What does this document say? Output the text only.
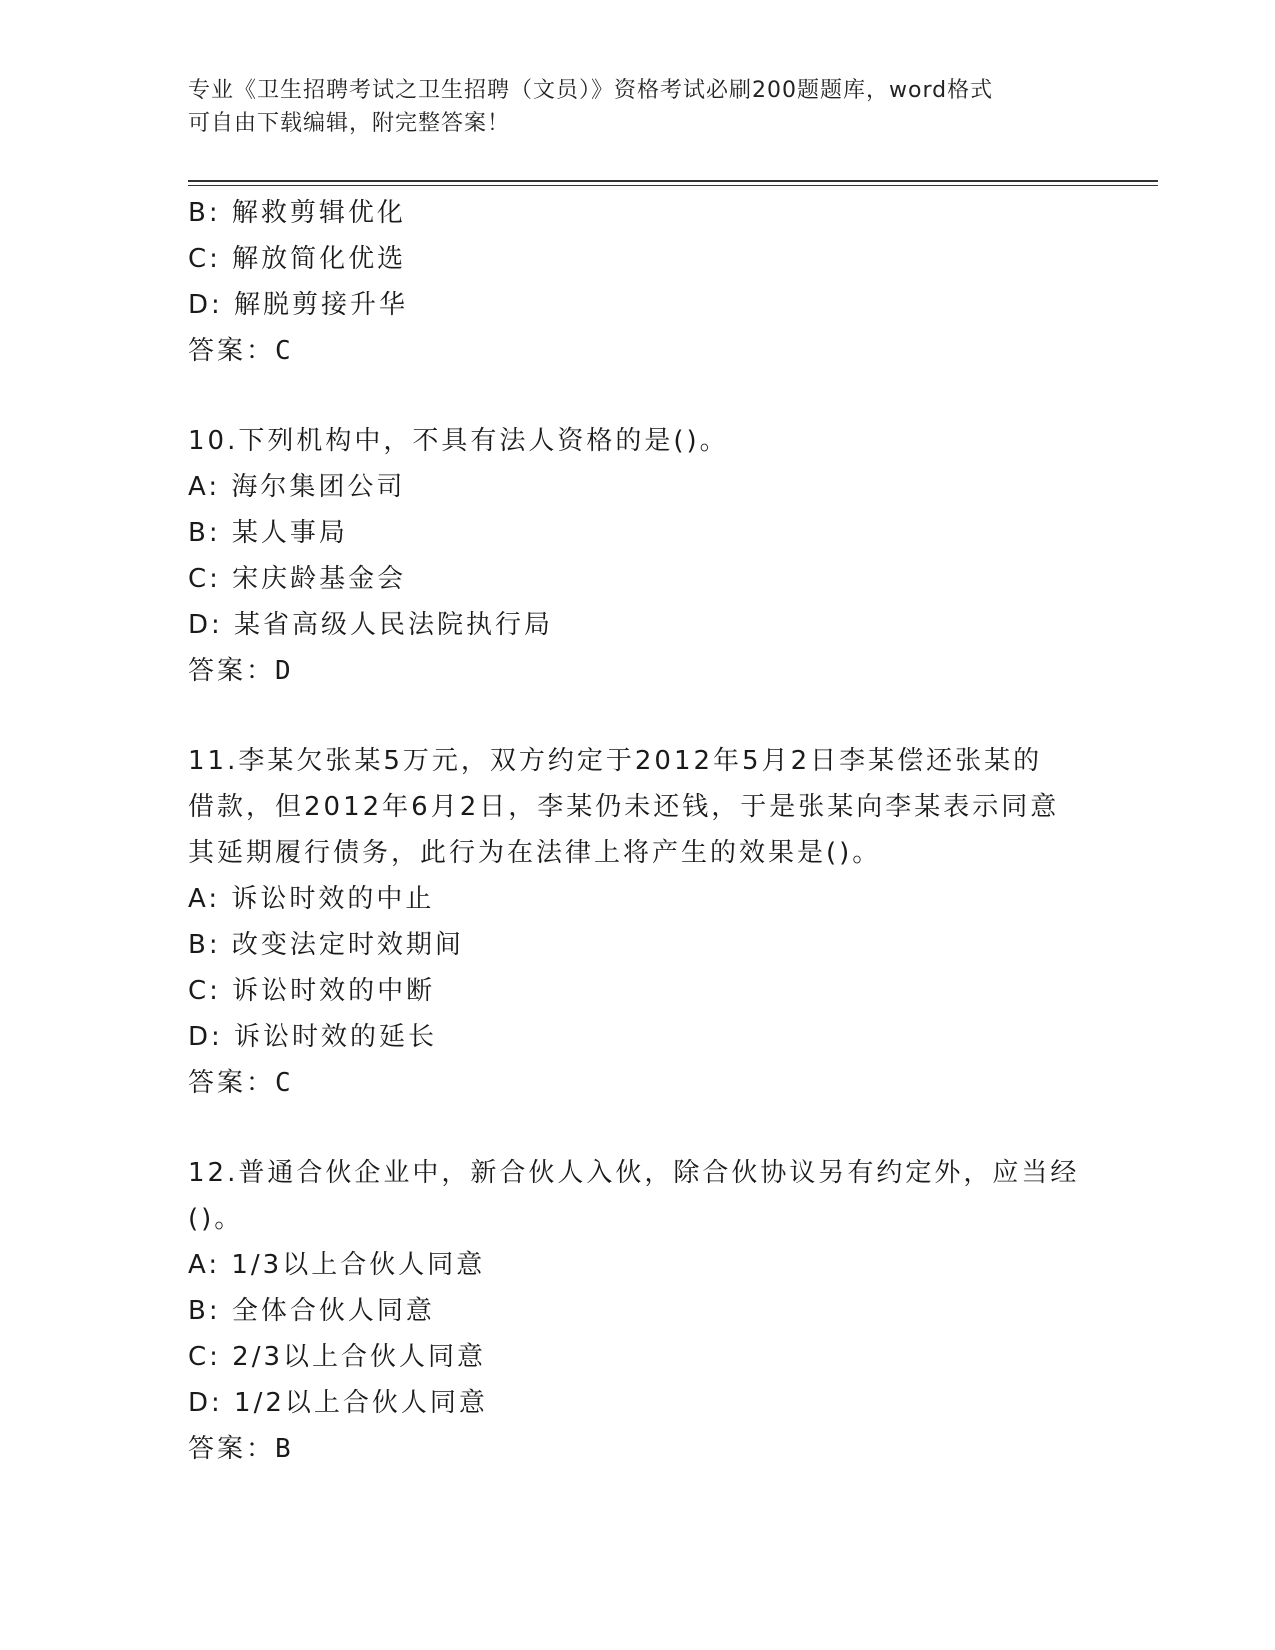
专业《卫生招聘考试之卫生招聘（文员）》资格考试必刷200题题库，word格式
可自由下载编辑，附完整答案！
B: 解救剪辑优化
C: 解放简化优选
D: 解脱剪接升华
答案：C
10.下列机构中，不具有法人资格的是()。
A: 海尔集团公司
B: 某人事局
C: 宋庆龄基金会
D: 某省高级人民法院执行局
答案：D
11.李某欠张某5万元，双方约定于2012年5月2日李某偿还张某的
借款，但2012年6月2日，李某仍未还钱，于是张某向李某表示同意
其延期履行债务，此行为在法律上将产生的效果是()。
A: 诉讼时效的中止
B: 改变法定时效期间
C: 诉讼时效的中断
D: 诉讼时效的延长
答案：C
12.普通合伙企业中，新合伙人入伙，除合伙协议另有约定外，应当经
()。
A: 1/3以上合伙人同意
B: 全体合伙人同意
C: 2/3以上合伙人同意
D: 1/2以上合伙人同意
答案：B
